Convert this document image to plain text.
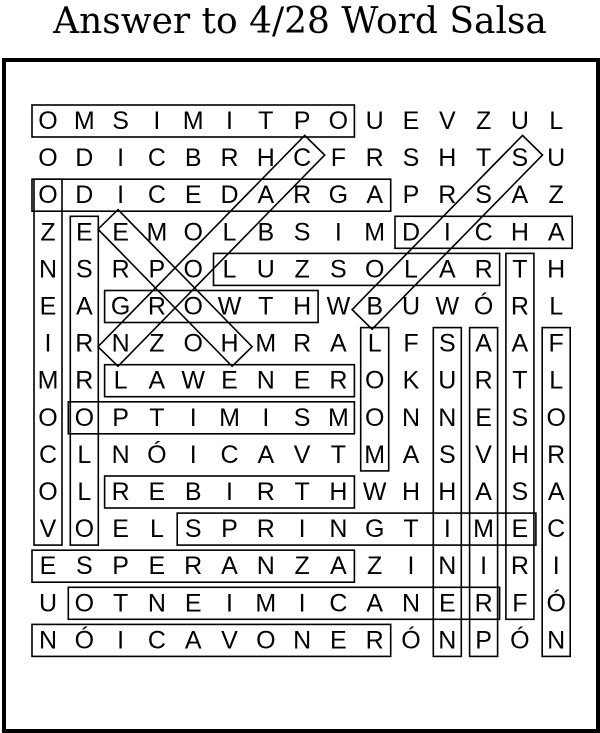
Answer to 4/28 Word Salsa
O M S I M I T P O U E V Z U L
O D I C B R H C F R S H T S U
O D I C E D A R G A P R S A Z
Z E E M O L B S I M D I C H A
N S R P O L U Z S O L A R T H
E A G R O W T H W B U W Ó R L
I R N Z O H M R A L F S A A F
M R L A W E N E R O K U R T L
O O P T I M I S M O N N E S O
C L N Ó I C A V T M A S V H R
O L R E B I R T H W H H A S A
V O E L S P R I N G T I M E C
E S P E R A N Z A Z I N I R I
U O T N E I M I C A N E R F Ó
N Ó I C A V O N E R Ó N P Ó N
